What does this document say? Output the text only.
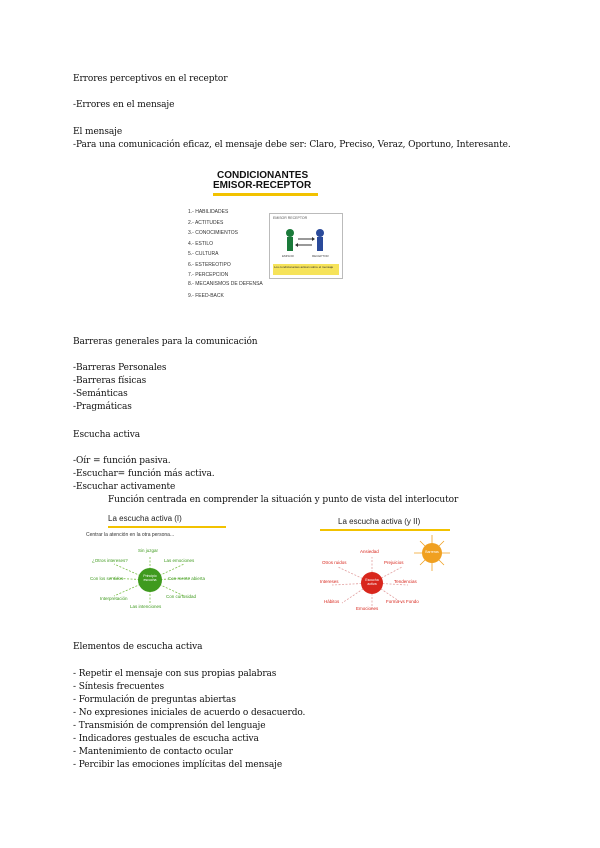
Errores perceptivos en el receptor
-Errores en el mensaje
El mensaje
-Para una comunicación eficaz, el mensaje debe ser: Claro, Preciso, Veraz, Oportuno, Interesante.
CONDICIONANTES
EMISOR-RECEPTOR
1.- HABILIDADES
2.- ACTITUDES
3.- CONOCIMIENTOS
4.- ESTILO
5.- CULTURA
6.- ESTEREOTIPO
7.- PERCEPCION
8.- MECANISMOS DE DEFENSA
9.- FEED-BACK
EMISOR RECEPTOR
EMISOR	RECEPTOR
Los condicionantes actúan sobre el mensaje
Barreras generales para la comunicación
-Barreras Personales
-Barreras físicas
-Semánticas
-Pragmáticas
Escucha activa
-Oír = función pasiva.
-Escuchar= función más activa.
-Escuchar activamente
Función centrada en comprender la situación y punto de vista del interlocutor
La escucha activa (I)
Centrar la atención en la otra persona...
Principio escucha
Sin juzgar
¿Otros intereses?	Las emociones
Con los sentidos	Con mente abierta
Interpretación	Con curiosidad
Las intenciones
La escucha activa (y II)
Escucha activa
Barreras
Ansiedad
Otros ruidos	Prejuicios
Intereses	Tendencias
Hábitos	Forma vs Fondo
Emociones
Elementos de escucha activa
- Repetir el mensaje con sus propias palabras
- Síntesis frecuentes
- Formulación de preguntas abiertas
- No expresiones iniciales de acuerdo o desacuerdo.
- Transmisión de comprensión del lenguaje
- Indicadores gestuales de escucha activa
- Mantenimiento de contacto ocular
- Percibir las emociones implícitas del mensaje
